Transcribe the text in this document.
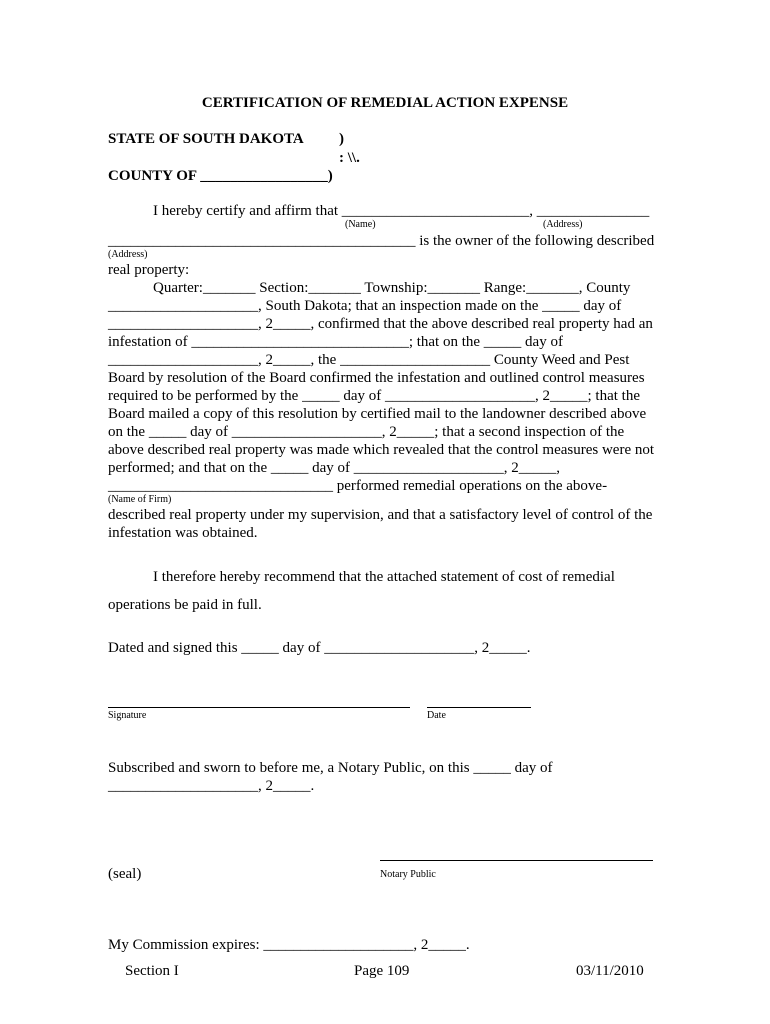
CERTIFICATION OF REMEDIAL ACTION EXPENSE
STATE OF SOUTH DAKOTA )
: \\.
COUNTY OF _________________)
I hereby certify and affirm that _________________________, _______________
(Name)	(Address)
_________________________________________ is the owner of the following described
(Address)
real property:
Quarter:_______ Section:_______ Township:_______ Range:_______, County
____________________, South Dakota; that an inspection made on the _____ day of
____________________, 2_____, confirmed that the above described real property had an
infestation of _____________________________; that on the _____ day of
____________________, 2_____, the ____________________ County Weed and Pest
Board by resolution of the Board confirmed the infestation and outlined control measures
required to be performed by the _____ day of ____________________, 2_____; that the
Board mailed a copy of this resolution by certified mail to the landowner described above
on the _____ day of ____________________, 2_____; that a second inspection of the
above described real property was made which revealed that the control measures were not
performed; and that on the _____ day of ____________________, 2_____,
______________________________ performed remedial operations on the above-
(Name of Firm)
described real property under my supervision, and that a satisfactory level of control of the
infestation was obtained.
I therefore hereby recommend that the attached statement of cost of remedial
operations be paid in full.
Dated and signed this _____ day of ____________________, 2_____.
Signature	Date
Subscribed and sworn to before me, a Notary Public, on this _____ day of
____________________, 2_____.
(seal)	Notary Public
My Commission expires: ____________________, 2_____.
Section I	Page 109	03/11/2010
